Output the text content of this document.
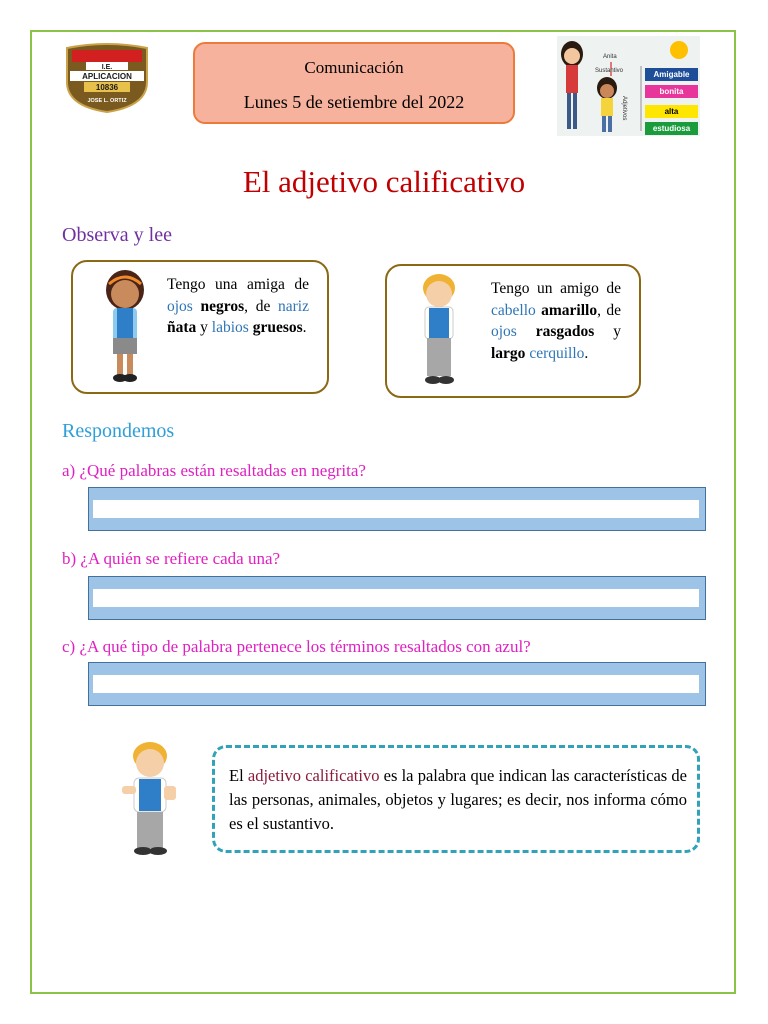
I.E.
APLICACION
10836
JOSE L. ORTIZ
Comunicación
Lunes 5 de setiembre del 2022
Anita
Sustantivo
Adjetivos
Amigable
bonita
alta
estudiosa
El adjetivo calificativo
Observa y lee
Tengo una amiga de ojos negros, de nariz ñata y labios gruesos.
Tengo un amigo de cabello amarillo, de ojos rasgados y largo cerquillo.
Respondemos
a) ¿Qué palabras están resaltadas en negrita?
b) ¿A quién se refiere cada una?
c) ¿A qué tipo de palabra pertenece los términos resaltados con azul?
El adjetivo calificativo es la palabra que indican las características de las personas, animales, objetos y lugares; es decir, nos informa cómo es el sustantivo.
